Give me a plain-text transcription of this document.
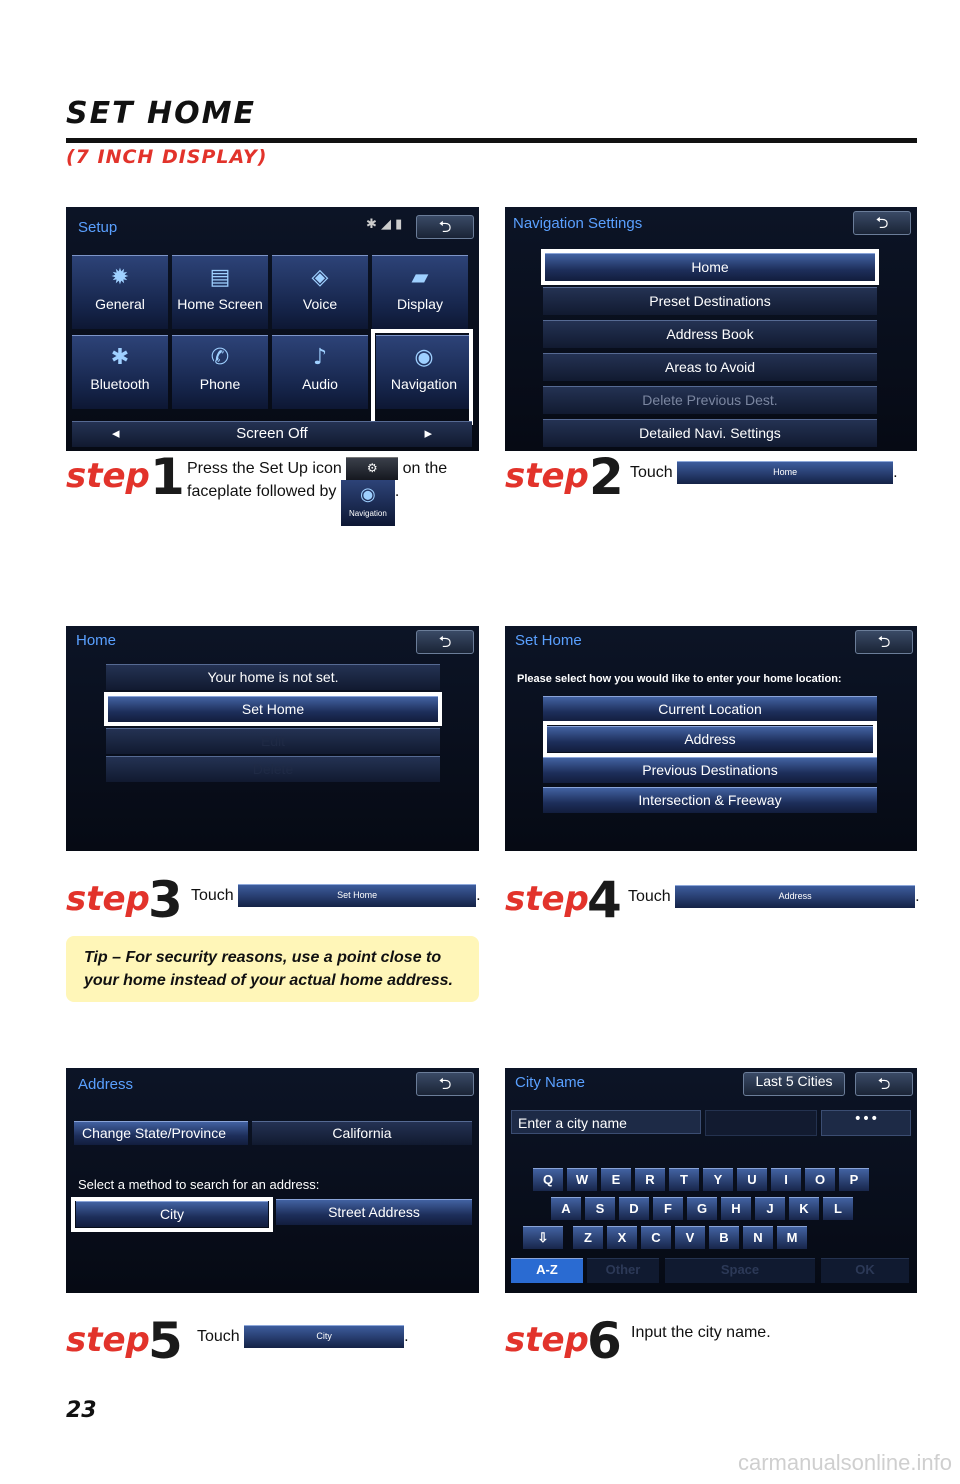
SET HOME
(7 INCH DISPLAY)
Setup	✱ ◢ ▮	⮌
✹
General
▤
Home Screen
◈
Voice
▰
Display
✱
Bluetooth
✆
Phone
♪
Audio
◉
Navigation
◂	Screen Off	▸
Navigation Settings	⮌
Home
Preset Destinations
Address Book
Areas to Avoid
Delete Previous Dest.
Detailed Navi. Settings
step 1 Press the Set Up icon ⚙ on the
faceplate followed by	◉
Navigation.	step 2 Touch	Home	.
Home	⮌
Your home is not set.
Set Home
Edit
Delete
Set Home	⮌
Please select how you would like to enter your home location:
Current Location
Address
Previous Destinations
Intersection & Freeway
step
3 Touch	Set Home	. step
4 Touch	Address	.
Tip – For security reasons, use a point close to
your home instead of your actual home address.
Address	⮌
Change State/Province	California
Select a method to search for an address:
City	Street Address
City Name	Last 5 Cities	⮌
Enter a city name	•••
Q	W	E	R	T	Y	U	I	O	P
A	S	D	F	G	H	J	K	L
Z	X	C	V	B	N	M
⇩
A-Z	Other	Space	OK
step
5 Touch	City	.	step
6 Input the city name.
23
carmanualsonline.info
